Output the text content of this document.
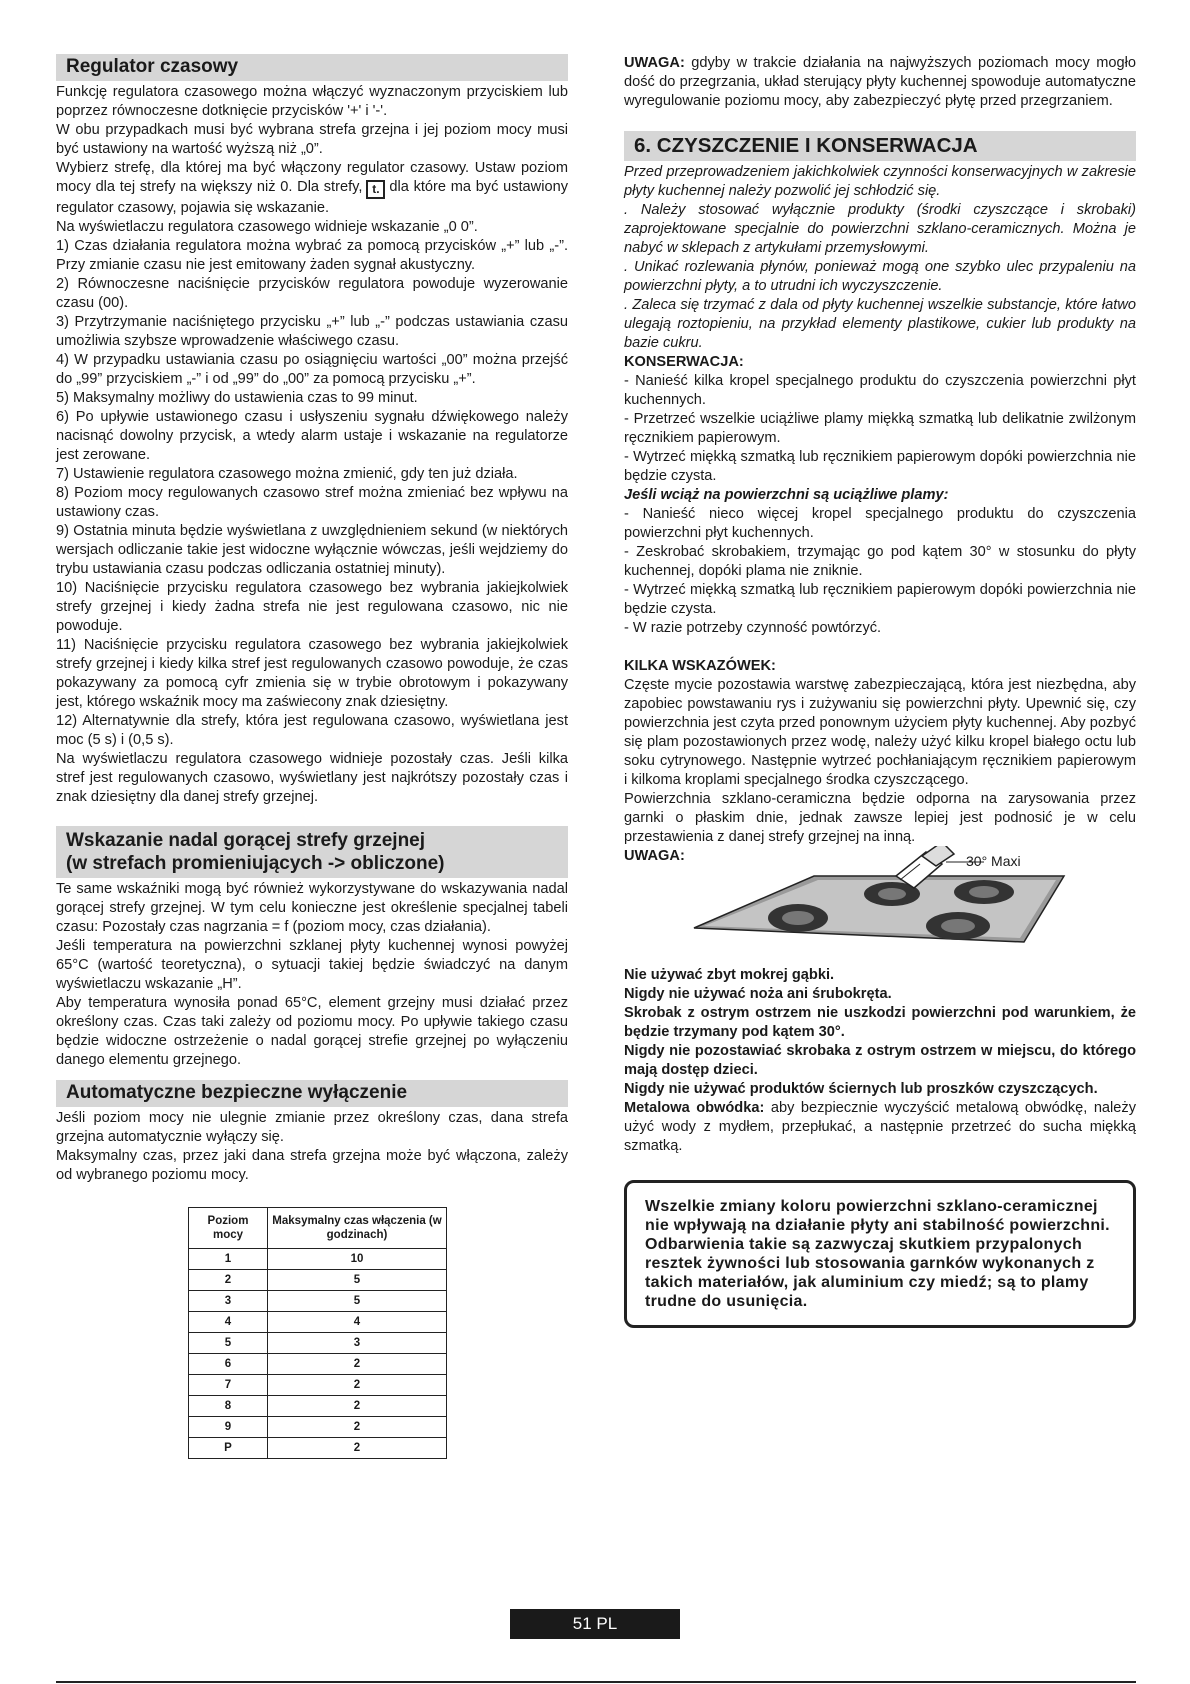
Regulator czasowy

Funkcję regulatora czasowego można włączyć wyznaczonym przyciskiem lub poprzez równoczesne dotknięcie przycisków '+' i '-'.

W obu przypadkach musi być wybrana strefa grzejna i jej poziom mocy musi być ustawiony na wartość wyższą niż „0”.

Wybierz strefę, dla której ma być włączony regulator czasowy. Ustaw poziom mocy dla tej strefy na większy niż 0. Dla strefy, t. dla które ma być ustawiony regulator czasowy, pojawia się wskazanie.

Na wyświetlaczu regulatora czasowego widnieje wskazanie „0 0”.

1) Czas działania regulatora można wybrać za pomocą przycisków „+” lub „-”. Przy zmianie czasu nie jest emitowany żaden sygnał akustyczny.

2) Równoczesne naciśnięcie przycisków regulatora powoduje wyzerowanie czasu (00).

3) Przytrzymanie naciśniętego przycisku „+” lub „-” podczas ustawiania czasu umożliwia szybsze wprowadzenie właściwego czasu.

4) W przypadku ustawiania czasu po osiągnięciu wartości „00” można przejść do „99” przyciskiem „-” i od „99” do „00” za pomocą przycisku „+”.

5) Maksymalny możliwy do ustawienia czas to 99 minut.

6) Po upływie ustawionego czasu i usłyszeniu sygnału dźwiękowego należy nacisnąć dowolny przycisk, a wtedy alarm ustaje i wskazanie na regulatorze jest zerowane.

7) Ustawienie regulatora czasowego można zmienić, gdy ten już działa.

8) Poziom mocy regulowanych czasowo stref można zmieniać bez wpływu na ustawiony czas.

9) Ostatnia minuta będzie wyświetlana z uwzględnieniem sekund (w niektórych wersjach odliczanie takie jest widoczne wyłącznie wówczas, jeśli wejdziemy do trybu ustawiania czasu podczas odliczania ostatniej minuty).

10) Naciśnięcie przycisku regulatora czasowego bez wybrania jakiejkolwiek strefy grzejnej i kiedy żadna strefa nie jest regulowana czasowo, nic nie powoduje.

11) Naciśnięcie przycisku regulatora czasowego bez wybrania jakiejkolwiek strefy grzejnej i kiedy kilka stref jest regulowanych czasowo powoduje, że czas pokazywany za pomocą cyfr zmienia się w trybie obrotowym i pokazywany jest, którego wskaźnik mocy ma zaświecony znak dziesiętny.

12) Alternatywnie dla strefy, która jest regulowana czasowo, wyświetlana jest moc (5 s) i (0,5 s).

Na wyświetlaczu regulatora czasowego widnieje pozostały czas. Jeśli kilka stref jest regulowanych czasowo, wyświetlany jest najkrótszy pozostały czas i znak dziesiętny dla danej strefy grzejnej.

Wskazanie nadal gorącej strefy grzejnej
(w strefach promieniujących -> obliczone)

Te same wskaźniki mogą być również wykorzystywane do wskazywania nadal gorącej strefy grzejnej. W tym celu konieczne jest określenie specjalnej tabeli czasu: Pozostały czas nagrzania = f (poziom mocy, czas działania).

Jeśli temperatura na powierzchni szklanej płyty kuchennej wynosi powyżej 65°C (wartość teoretyczna), o sytuacji takiej będzie świadczyć na danym wyświetlaczu wskazanie „H”.

Aby temperatura wynosiła ponad 65°C, element grzejny musi działać przez określony czas. Czas taki zależy od poziomu mocy. Po upływie takiego czasu będzie widoczne ostrzeżenie o nadal gorącej strefie grzejnej po wyłączeniu danego elementu grzejnego.

Automatyczne bezpieczne wyłączenie

Jeśli poziom mocy nie ulegnie zmianie przez określony czas, dana strefa grzejna automatycznie wyłączy się.

Maksymalny czas, przez jaki dana strefa grzejna może być włączona, zależy od wybranego poziomu mocy.

Poziom mocy	Maksymalny czas włączenia (w godzinach)
1	10
2	5
3	5
4	4
5	3
6	2
7	2
8	2
9	2
P	2

UWAGA: gdyby w trakcie działania na najwyższych poziomach mocy mogło dość do przegrzania, układ sterujący płyty kuchennej spowoduje automatyczne wyregulowanie poziomu mocy, aby zabezpieczyć płytę przed przegrzaniem.

6. CZYSZCZENIE I KONSERWACJA

Przed przeprowadzeniem jakichkolwiek czynności konserwacyjnych w zakresie płyty kuchennej należy pozwolić jej schłodzić się.

. Należy stosować wyłącznie produkty (środki czyszczące i skrobaki) zaprojektowane specjalnie do powierzchni szklano-ceramicznych. Można je nabyć w sklepach z artykułami przemysłowymi.

. Unikać rozlewania płynów, ponieważ mogą one szybko ulec przypaleniu na powierzchni płyty, a to utrudni ich wyczyszczenie.

. Zaleca się trzymać z dala od płyty kuchennej wszelkie substancje, które łatwo ulegają roztopieniu, na przykład elementy plastikowe, cukier lub produkty na bazie cukru.

KONSERWACJA:

- Nanieść kilka kropel specjalnego produktu do czyszczenia powierzchni płyt kuchennych.

- Przetrzeć wszelkie uciążliwe plamy miękką szmatką lub delikatnie zwilżonym ręcznikiem papierowym.

- Wytrzeć miękką szmatką lub ręcznikiem papierowym dopóki powierzchnia nie będzie czysta.

Jeśli wciąż na powierzchni są uciążliwe plamy:

- Nanieść nieco więcej kropel specjalnego produktu do czyszczenia powierzchni płyt kuchennych.

- Zeskrobać skrobakiem, trzymając go pod kątem 30° w stosunku do płyty kuchennej, dopóki plama nie zniknie.

- Wytrzeć miękką szmatką lub ręcznikiem papierowym dopóki powierzchnia nie będzie czysta.

- W razie potrzeby czynność powtórzyć.

KILKA WSKAZÓWEK:

Częste mycie pozostawia warstwę zabezpieczającą, która jest niezbędna, aby zapobiec powstawaniu rys i zużywaniu się powierzchni płyty. Upewnić się, czy powierzchnia jest czyta przed ponownym użyciem płyty kuchennej. Aby pozbyć się plam pozostawionych przez wodę, należy użyć kilku kropel białego octu lub soku cytrynowego. Następnie wytrzeć pochłaniającym ręcznikiem papierowym i kilkoma kroplami specjalnego środka czyszczącego.

Powierzchnia szklano-ceramiczna będzie odporna na zarysowania przez garnki o płaskim dnie, jednak zawsze lepiej jest podnosić je w celu przestawienia z danej strefy grzejnej na inną.

UWAGA:	30° Maxi

Nie używać zbyt mokrej gąbki.

Nigdy nie używać noża ani śrubokręta.

Skrobak z ostrym ostrzem nie uszkodzi powierzchni pod warunkiem, że będzie trzymany pod kątem 30°.

Nigdy nie pozostawiać skrobaka z ostrym ostrzem w miejscu, do którego mają dostęp dzieci.

Nigdy nie używać produktów ściernych lub proszków czyszczących.

Metalowa obwódka: aby bezpiecznie wyczyścić metalową obwódkę, należy użyć wody z mydłem, przepłukać, a następnie przetrzeć do sucha miękką szmatką.

Wszelkie zmiany koloru powierzchni szklano-ceramicznej nie wpływają na działanie płyty ani stabilność powierzchni. Odbarwienia takie są zazwyczaj skutkiem przypalonych resztek żywności lub stosowania garnków wykonanych z takich materiałów, jak aluminium czy miedź; są to plamy trudne do usunięcia.
51 PL
